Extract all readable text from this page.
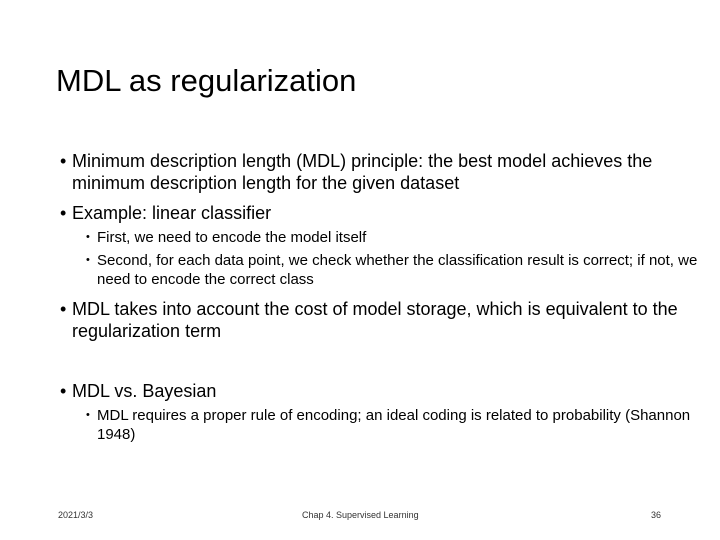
MDL as regularization
• Minimum description length (MDL) principle: the best model achieves the minimum description length for the given dataset
• Example: linear classifier
• First, we need to encode the model itself
• Second, for each data point, we check whether the classification result is correct; if not, we need to encode the correct class
• MDL takes into account the cost of model storage, which is equivalent to the regularization term
• MDL vs. Bayesian
• MDL requires a proper rule of encoding; an ideal coding is related to probability (Shannon 1948)
2021/3/3	Chap 4. Supervised Learning	36
